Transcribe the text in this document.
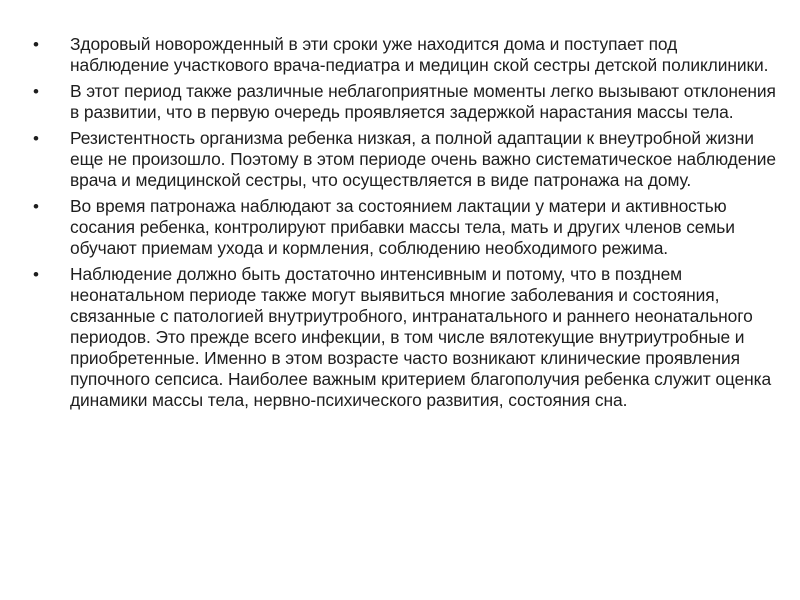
•	Здоровый новорожденный в эти сроки уже находится дома и поступает под наблюдение участкового врача-педиатра и медицин ской сестры детской поликлиники.
•	В этот период также различные неблагоприятные моменты легко вызывают отклонения в развитии, что в первую очередь проявляется задержкой нарастания массы тела.
•	Резистентность организма ребенка низкая, а полной адаптации к внеутробной жизни еще не произошло. Поэтому в этом периоде очень важно систематическое наблюдение врача и медицинской сестры, что осуществляется в виде патронажа на дому.
•	Во время патронажа наблюдают за состоянием лактации у матери и активностью сосания ребенка, контролируют прибавки массы тела, мать и других членов семьи обучают приемам ухода и кормления, соблюдению необходимого режима.
•	Наблюдение должно быть достаточно интенсивным и потому, что в позднем неонатальном периоде также могут выявиться многие заболевания и состояния, связанные с патологией внутриутробного, интранатального и раннего неонатального периодов. Это прежде всего инфекции, в том числе вялотекущие внутриутробные и приобретенные. Именно в этом возрасте часто возникают клинические проявления пупочного сепсиса. Наиболее важным критерием благополучия ребенка служит оценка динамики массы тела, нервно-психического развития, состояния сна.
